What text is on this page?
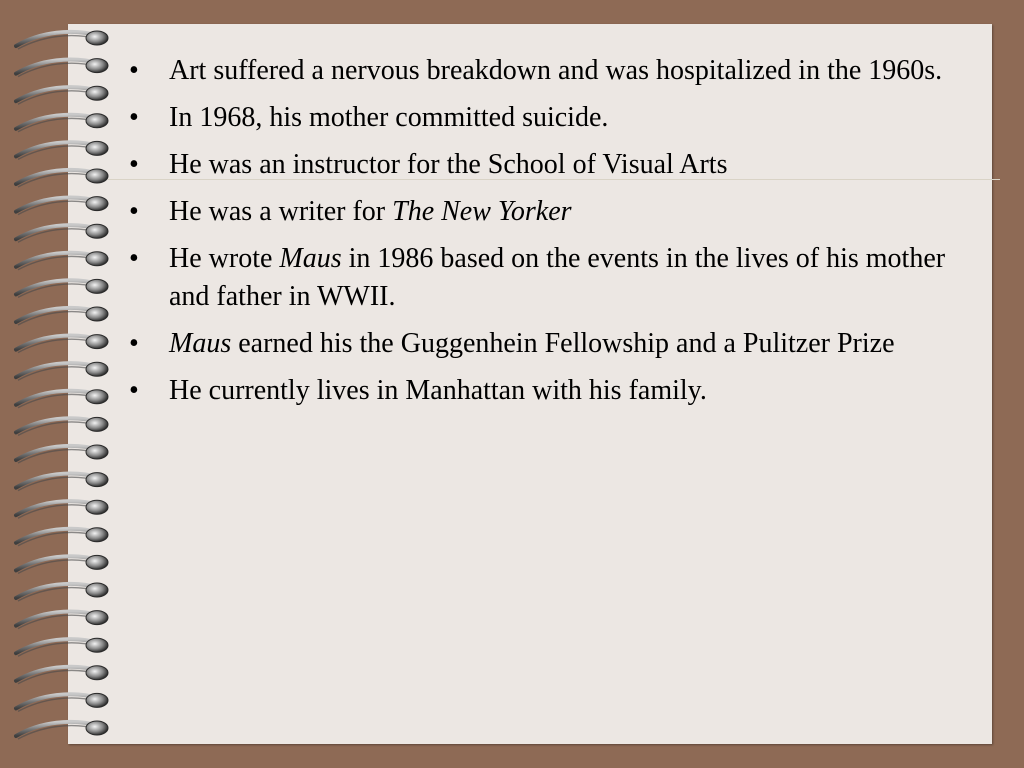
• Art suffered a nervous breakdown and was hospitalized in the 1960s.
• In 1968, his mother committed suicide.
• He was an instructor for the School of Visual Arts
• He was a writer for The New Yorker
• He wrote Maus in 1986 based on the events in the lives of his mother and father in WWII.
• Maus earned his the Guggenhein Fellowship and a Pulitzer Prize
• He currently lives in Manhattan with his family.
